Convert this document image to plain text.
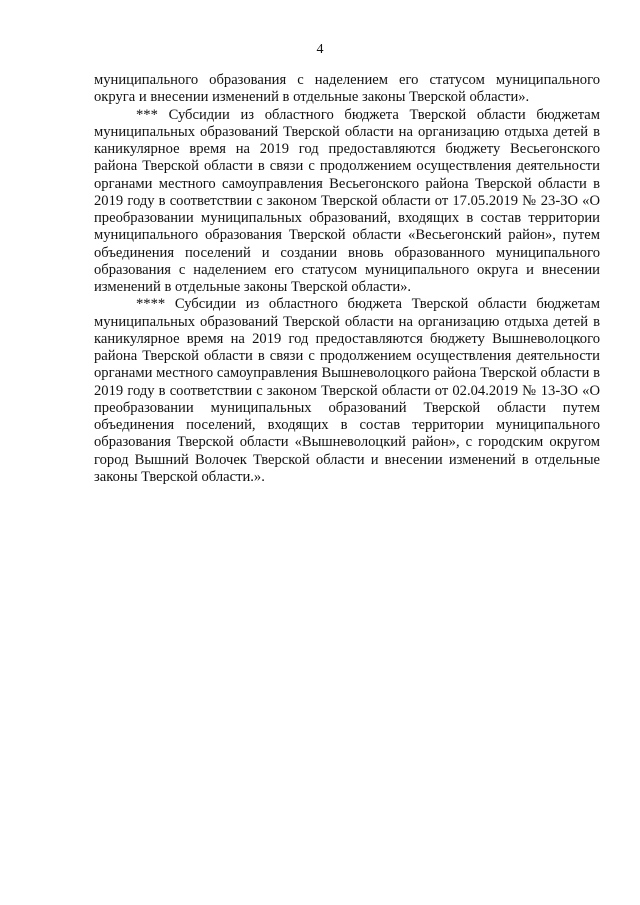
4

муниципального образования с наделением его статусом муниципального округа и внесении изменений в отдельные законы Тверской области».

*** Субсидии из областного бюджета Тверской области бюджетам муниципальных образований Тверской области на организацию отдыха детей в каникулярное время на 2019 год предоставляются бюджету Весьегонского района Тверской области в связи с продолжением осуществления деятельности органами местного самоуправления Весьегонского района Тверской области в 2019 году в соответствии с законом Тверской области от 17.05.2019 № 23-ЗО «О преобразовании муниципальных образований, входящих в состав территории муниципального образования Тверской области «Весьегонский район», путем объединения поселений и создании вновь образованного муниципального образования с наделением его статусом муниципального округа и внесении изменений в отдельные законы Тверской области».

**** Субсидии из областного бюджета Тверской области бюджетам муниципальных образований Тверской области на организацию отдыха детей в каникулярное время на 2019 год предоставляются бюджету Вышневолоцкого района Тверской области в связи с продолжением осуществления деятельности органами местного самоуправления Вышневолоцкого района Тверской области в 2019 году в соответствии с законом Тверской области от 02.04.2019 № 13-ЗО «О преобразовании муниципальных образований Тверской области путем объединения поселений, входящих в состав территории муниципального образования Тверской области «Вышневолоцкий район», с городским округом город Вышний Волочек Тверской области и внесении изменений в отдельные законы Тверской области.».
